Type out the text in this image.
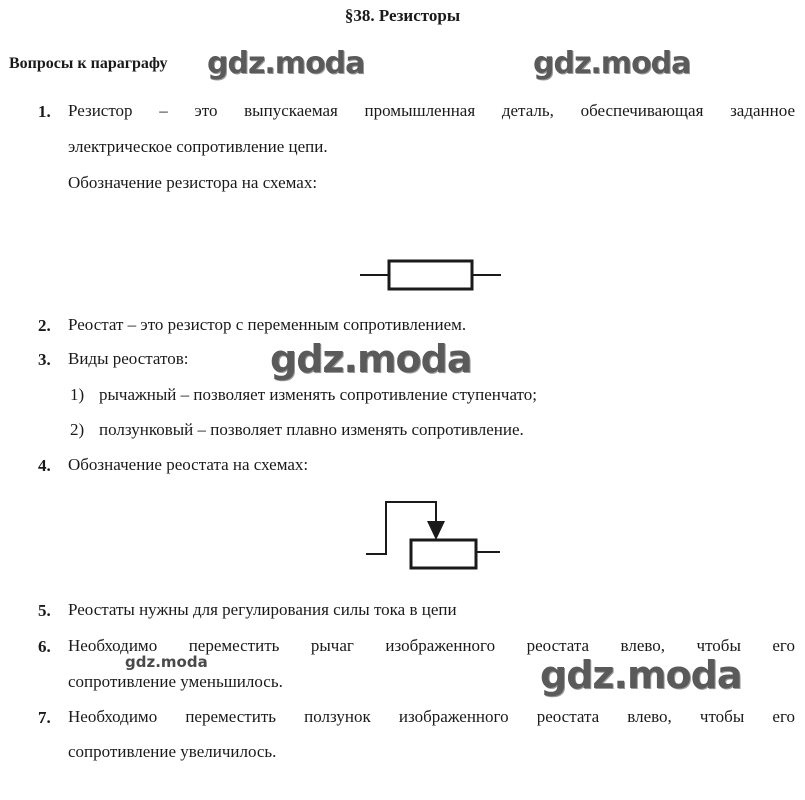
§38. Резисторы
Вопросы к параграфу
1. Резистор – это выпускаемая промышленная деталь, обеспечивающая заданное
электрическое сопротивление цепи.
Обозначение резистора на схемах:
2. Реостат – это резистор с переменным сопротивлением.
3. Виды реостатов:
1) рычажный – позволяет изменять сопротивление ступенчато;
2) ползунковый – позволяет плавно изменять сопротивление.
4. Обозначение реостата на схемах:
5. Реостаты нужны для регулирования силы тока в цепи
6. Необходимо переместить рычаг изображенного реостата влево, чтобы его
сопротивление уменьшилось.
7. Необходимо переместить ползунок изображенного реостата влево, чтобы его
сопротивление увеличилось.
gdz.moda	gdz.moda
gdz.moda
gdz.moda	gdz.moda
